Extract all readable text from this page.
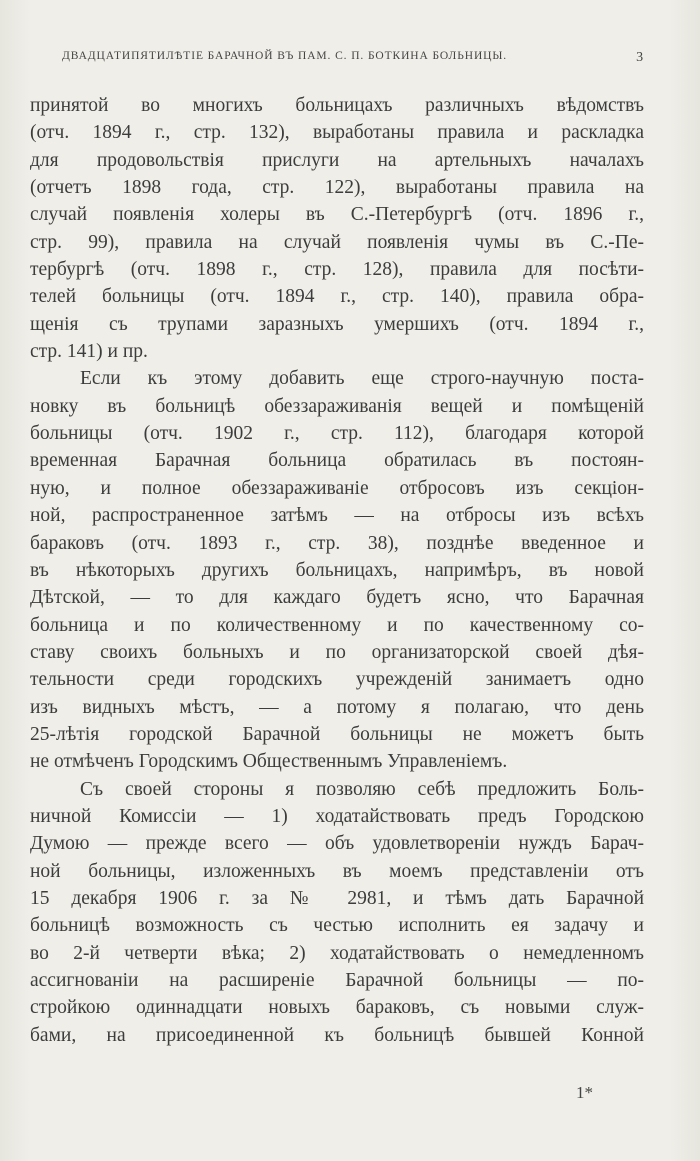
ДВАДЦАТИПЯТИЛѢТІЕ БАРАЧНОЙ ВЪ ПАМ. С. П. БОТКИНА БОЛЬНИЦЫ.	3
принятой во многихъ больницахъ различныхъ вѣдомствъ
(отч. 1894 г., стр. 132), выработаны правила и раскладка
для продовольствія прислуги на артельныхъ началахъ
(отчетъ 1898 года, стр. 122), выработаны правила на
случай появленія холеры въ С.-Петербургѣ (отч. 1896 г.,
стр. 99), правила на случай появленія чумы въ С.-Пе-
тербургѣ (отч. 1898 г., стр. 128), правила для посѣти-
телей больницы (отч. 1894 г., стр. 140), правила обра-
щенія съ трупами заразныхъ умершихъ (отч. 1894 г.,
стр. 141) и пр.
Если къ этому добавить еще строго-научную поста-
новку въ больницѣ обеззараживанія вещей и помѣщеній
больницы (отч. 1902 г., стр. 112), благодаря которой
временная Барачная больница обратилась въ постоян-
ную, и полное обеззараживаніе отбросовъ изъ секціон-
ной, распространенное затѣмъ — на отбросы изъ всѣхъ
бараковъ (отч. 1893 г., стр. 38), позднѣе введенное и
въ нѣкоторыхъ другихъ больницахъ, напримѣръ, въ новой
Дѣтской, — то для каждаго будетъ ясно, что Барачная
больница и по количественному и по качественному со-
ставу своихъ больныхъ и по организаторской своей дѣя-
тельности среди городскихъ учрежденій занимаетъ одно
изъ видныхъ мѣстъ, — а потому я полагаю, что день
25-лѣтія городской Барачной больницы не можетъ быть
не отмѣченъ Городскимъ Общественнымъ Управленіемъ.
Съ своей стороны я позволяю себѣ предложить Боль-
ничной Комиссіи — 1) ходатайствовать предъ Городскою
Думою — прежде всего — объ удовлетвореніи нуждъ Барач-
ной больницы, изложенныхъ въ моемъ представленіи отъ
15 декабря 1906 г. за № 2981, и тѣмъ дать Барачной
больницѣ возможность съ честью исполнить ея задачу и
во 2-й четверти вѣка; 2) ходатайствовать о немедленномъ
ассигнованіи на расширеніе Барачной больницы — по-
стройкою одиннадцати новыхъ бараковъ, съ новыми служ-
бами, на присоединенной къ больницѣ бывшей Конной
1*
